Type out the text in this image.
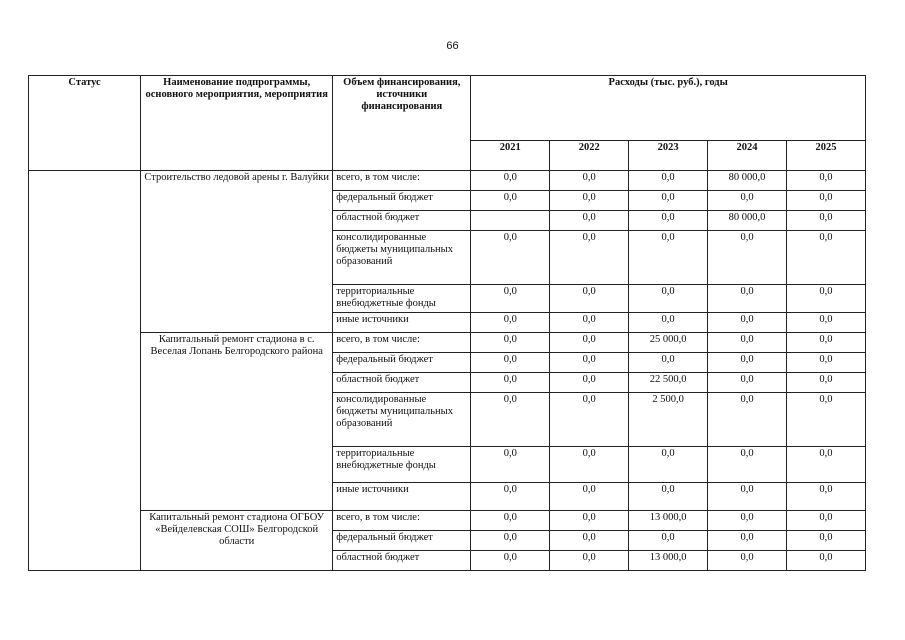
66
Статус	Наименование подпрограммы, основного мероприятия, мероприятия	Объем финансирования, источники финансирования	Расходы (тыс. руб.), годы				
			2021	2022	2023	2024	2025
	Строительство ледовой арены г. Валуйки	всего, в том числе:	0,0	0,0	0,0	80 000,0	0,0
		федеральный бюджет	0,0	0,0	0,0	0,0	0,0
		областной бюджет		0,0	0,0	80 000,0	0,0
		консолидированные бюджеты муниципальных образований	0,0	0,0	0,0	0,0	0,0
		территориальные внебюджетные фонды	0,0	0,0	0,0	0,0	0,0
		иные источники	0,0	0,0	0,0	0,0	0,0
	Капитальный ремонт стадиона в с. Веселая Лопань Белгородского района	всего, в том числе:	0,0	0,0	25 000,0	0,0	0,0
		федеральный бюджет	0,0	0,0	0,0	0,0	0,0
		областной бюджет	0,0	0,0	22 500,0	0,0	0,0
		консолидированные бюджеты муниципальных образований	0,0	0,0	2 500,0	0,0	0,0
		территориальные внебюджетные фонды	0,0	0,0	0,0	0,0	0,0
		иные источники	0,0	0,0	0,0	0,0	0,0
	Капитальный ремонт стадиона ОГБОУ «Вейделевская СОШ» Белгородской области	всего, в том числе:	0,0	0,0	13 000,0	0,0	0,0
		федеральный бюджет	0,0	0,0	0,0	0,0	0,0
		областной бюджет	0,0	0,0	13 000,0	0,0	0,0
